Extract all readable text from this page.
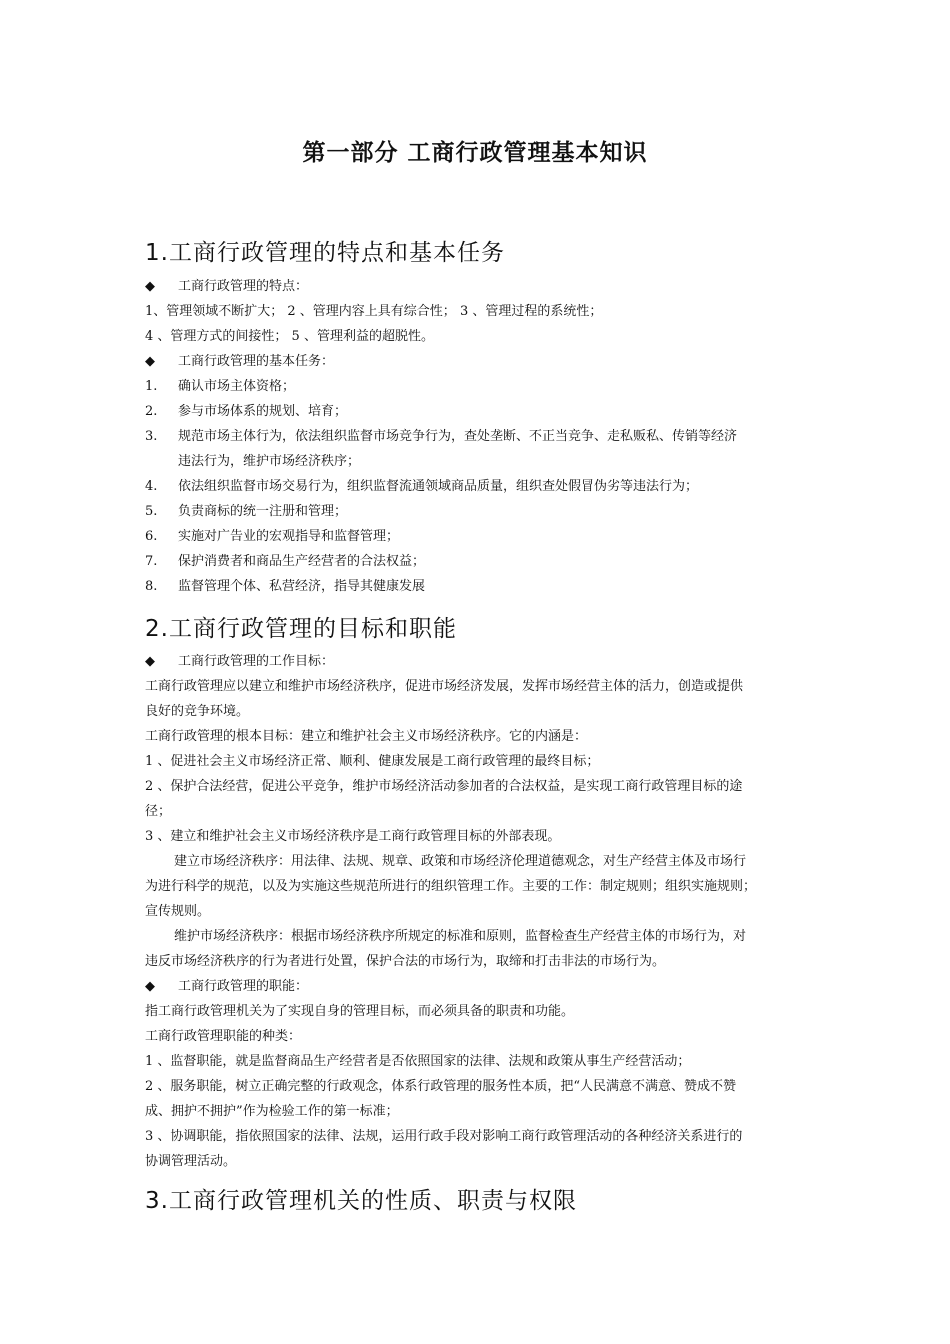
第一部分 工商行政管理基本知识
1.工商行政管理的特点和基本任务
◆ 工商行政管理的特点：
1、管理领域不断扩大； 2 、管理内容上具有综合性； 3 、管理过程的系统性；
4 、管理方式的间接性； 5 、管理利益的超脱性。
◆ 工商行政管理的基本任务：
1. 确认市场主体资格；
2. 参与市场体系的规划、培育；
3. 规范市场主体行为，依法组织监督市场竞争行为，查处垄断、不正当竞争、走私贩私、传销等经济
违法行为，维护市场经济秩序；
4. 依法组织监督市场交易行为，组织监督流通领域商品质量，组织查处假冒伪劣等违法行为；
5. 负责商标的统一注册和管理；
6. 实施对广告业的宏观指导和监督管理；
7. 保护消费者和商品生产经营者的合法权益；
8. 监督管理个体、私营经济，指导其健康发展
2.工商行政管理的目标和职能
◆ 工商行政管理的工作目标：
工商行政管理应以建立和维护市场经济秩序，促进市场经济发展，发挥市场经营主体的活力，创造或提供
良好的竞争环境。
工商行政管理的根本目标：建立和维护社会主义市场经济秩序。它的内涵是：
1 、促进社会主义市场经济正常、顺利、健康发展是工商行政管理的最终目标；
2 、保护合法经营，促进公平竞争，维护市场经济活动参加者的合法权益，是实现工商行政管理目标的途
径；
3 、建立和维护社会主义市场经济秩序是工商行政管理目标的外部表现。
建立市场经济秩序：用法律、法规、规章、政策和市场经济伦理道德观念，对生产经营主体及市场行
为进行科学的规范，以及为实施这些规范所进行的组织管理工作。主要的工作：制定规则；组织实施规则；
宣传规则。
维护市场经济秩序：根据市场经济秩序所规定的标准和原则，监督检查生产经营主体的市场行为，对
违反市场经济秩序的行为者进行处置，保护合法的市场行为，取缔和打击非法的市场行为。
◆ 工商行政管理的职能：
指工商行政管理机关为了实现自身的管理目标，而必须具备的职责和功能。
工商行政管理职能的种类：
1 、监督职能，就是监督商品生产经营者是否依照国家的法律、法规和政策从事生产经营活动；
2 、服务职能，树立正确完整的行政观念，体系行政管理的服务性本质，把“人民满意不满意、赞成不赞
成、拥护不拥护”作为检验工作的第一标准；
3 、协调职能，指依照国家的法律、法规，运用行政手段对影响工商行政管理活动的各种经济关系进行的
协调管理活动。
3.工商行政管理机关的性质、职责与权限
